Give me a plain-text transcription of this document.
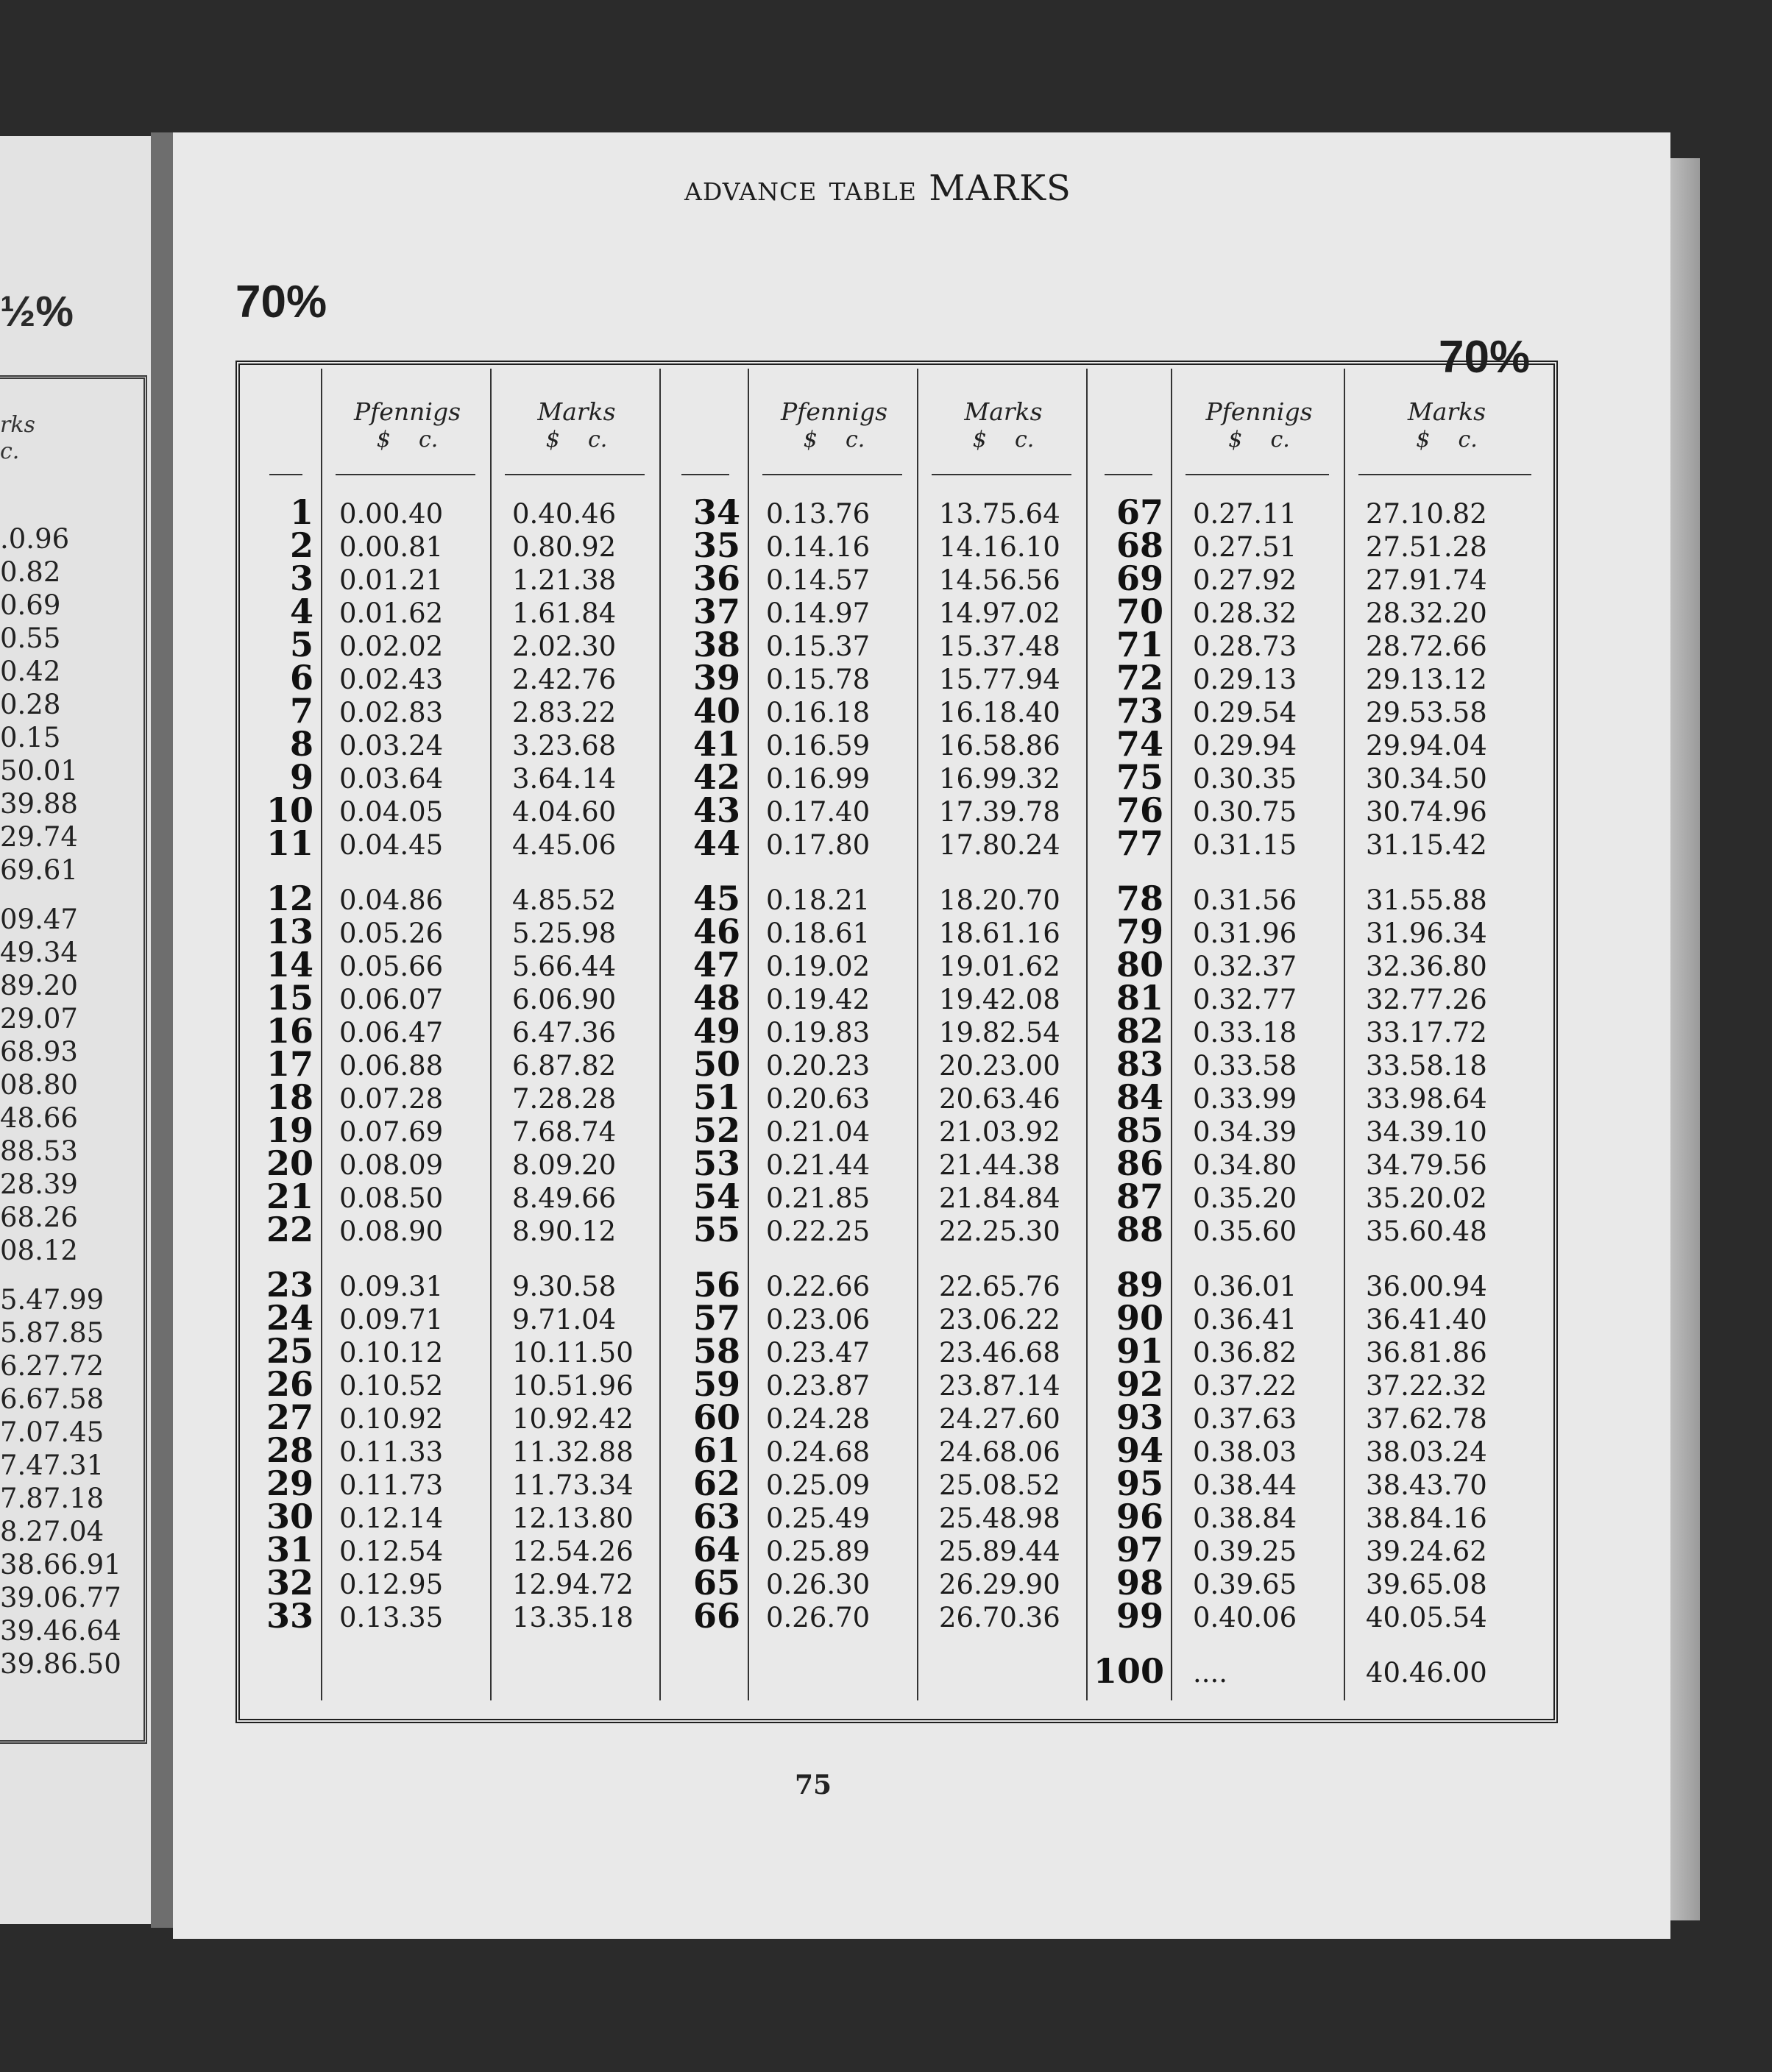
½%
rks
c.
.0.96
0.82
0.69
0.55
0.42
0.28
0.15
50.01
39.88
29.74
69.61
09.47
49.34
89.20
29.07
68.93
08.80
48.66
88.53
28.39
68.26
08.12
5.47.99
5.87.85
6.27.72
6.67.58
7.07.45
7.47.31
7.87.18
8.27.04
38.66.91
39.06.77
39.46.64
39.86.50
70%
ADVANCE TABLE MARKS
70%
Pfennigs
$ c.
Marks
$ c.
Pfennigs
$ c.
Marks
$ c.
Pfennigs
$ c.
Marks
$ c.
1
2
3
4
5
6
7
8
9
10
11
12
13
14
15
16
17
18
19
20
21
22
23
24
25
26
27
28
29
30
31
32
33
0.00.40
0.00.81
0.01.21
0.01.62
0.02.02
0.02.43
0.02.83
0.03.24
0.03.64
0.04.05
0.04.45
0.04.86
0.05.26
0.05.66
0.06.07
0.06.47
0.06.88
0.07.28
0.07.69
0.08.09
0.08.50
0.08.90
0.09.31
0.09.71
0.10.12
0.10.52
0.10.92
0.11.33
0.11.73
0.12.14
0.12.54
0.12.95
0.13.35
0.40.46
0.80.92
1.21.38
1.61.84
2.02.30
2.42.76
2.83.22
3.23.68
3.64.14
4.04.60
4.45.06
4.85.52
5.25.98
5.66.44
6.06.90
6.47.36
6.87.82
7.28.28
7.68.74
8.09.20
8.49.66
8.90.12
9.30.58
9.71.04
10.11.50
10.51.96
10.92.42
11.32.88
11.73.34
12.13.80
12.54.26
12.94.72
13.35.18
34
35
36
37
38
39
40
41
42
43
44
45
46
47
48
49
50
51
52
53
54
55
56
57
58
59
60
61
62
63
64
65
66
0.13.76
0.14.16
0.14.57
0.14.97
0.15.37
0.15.78
0.16.18
0.16.59
0.16.99
0.17.40
0.17.80
0.18.21
0.18.61
0.19.02
0.19.42
0.19.83
0.20.23
0.20.63
0.21.04
0.21.44
0.21.85
0.22.25
0.22.66
0.23.06
0.23.47
0.23.87
0.24.28
0.24.68
0.25.09
0.25.49
0.25.89
0.26.30
0.26.70
13.75.64
14.16.10
14.56.56
14.97.02
15.37.48
15.77.94
16.18.40
16.58.86
16.99.32
17.39.78
17.80.24
18.20.70
18.61.16
19.01.62
19.42.08
19.82.54
20.23.00
20.63.46
21.03.92
21.44.38
21.84.84
22.25.30
22.65.76
23.06.22
23.46.68
23.87.14
24.27.60
24.68.06
25.08.52
25.48.98
25.89.44
26.29.90
26.70.36
67
68
69
70
71
72
73
74
75
76
77
78
79
80
81
82
83
84
85
86
87
88
89
90
91
92
93
94
95
96
97
98
99
100
0.27.11
0.27.51
0.27.92
0.28.32
0.28.73
0.29.13
0.29.54
0.29.94
0.30.35
0.30.75
0.31.15
0.31.56
0.31.96
0.32.37
0.32.77
0.33.18
0.33.58
0.33.99
0.34.39
0.34.80
0.35.20
0.35.60
0.36.01
0.36.41
0.36.82
0.37.22
0.37.63
0.38.03
0.38.44
0.38.84
0.39.25
0.39.65
0.40.06
....
27.10.82
27.51.28
27.91.74
28.32.20
28.72.66
29.13.12
29.53.58
29.94.04
30.34.50
30.74.96
31.15.42
31.55.88
31.96.34
32.36.80
32.77.26
33.17.72
33.58.18
33.98.64
34.39.10
34.79.56
35.20.02
35.60.48
36.00.94
36.41.40
36.81.86
37.22.32
37.62.78
38.03.24
38.43.70
38.84.16
39.24.62
39.65.08
40.05.54
40.46.00
75
